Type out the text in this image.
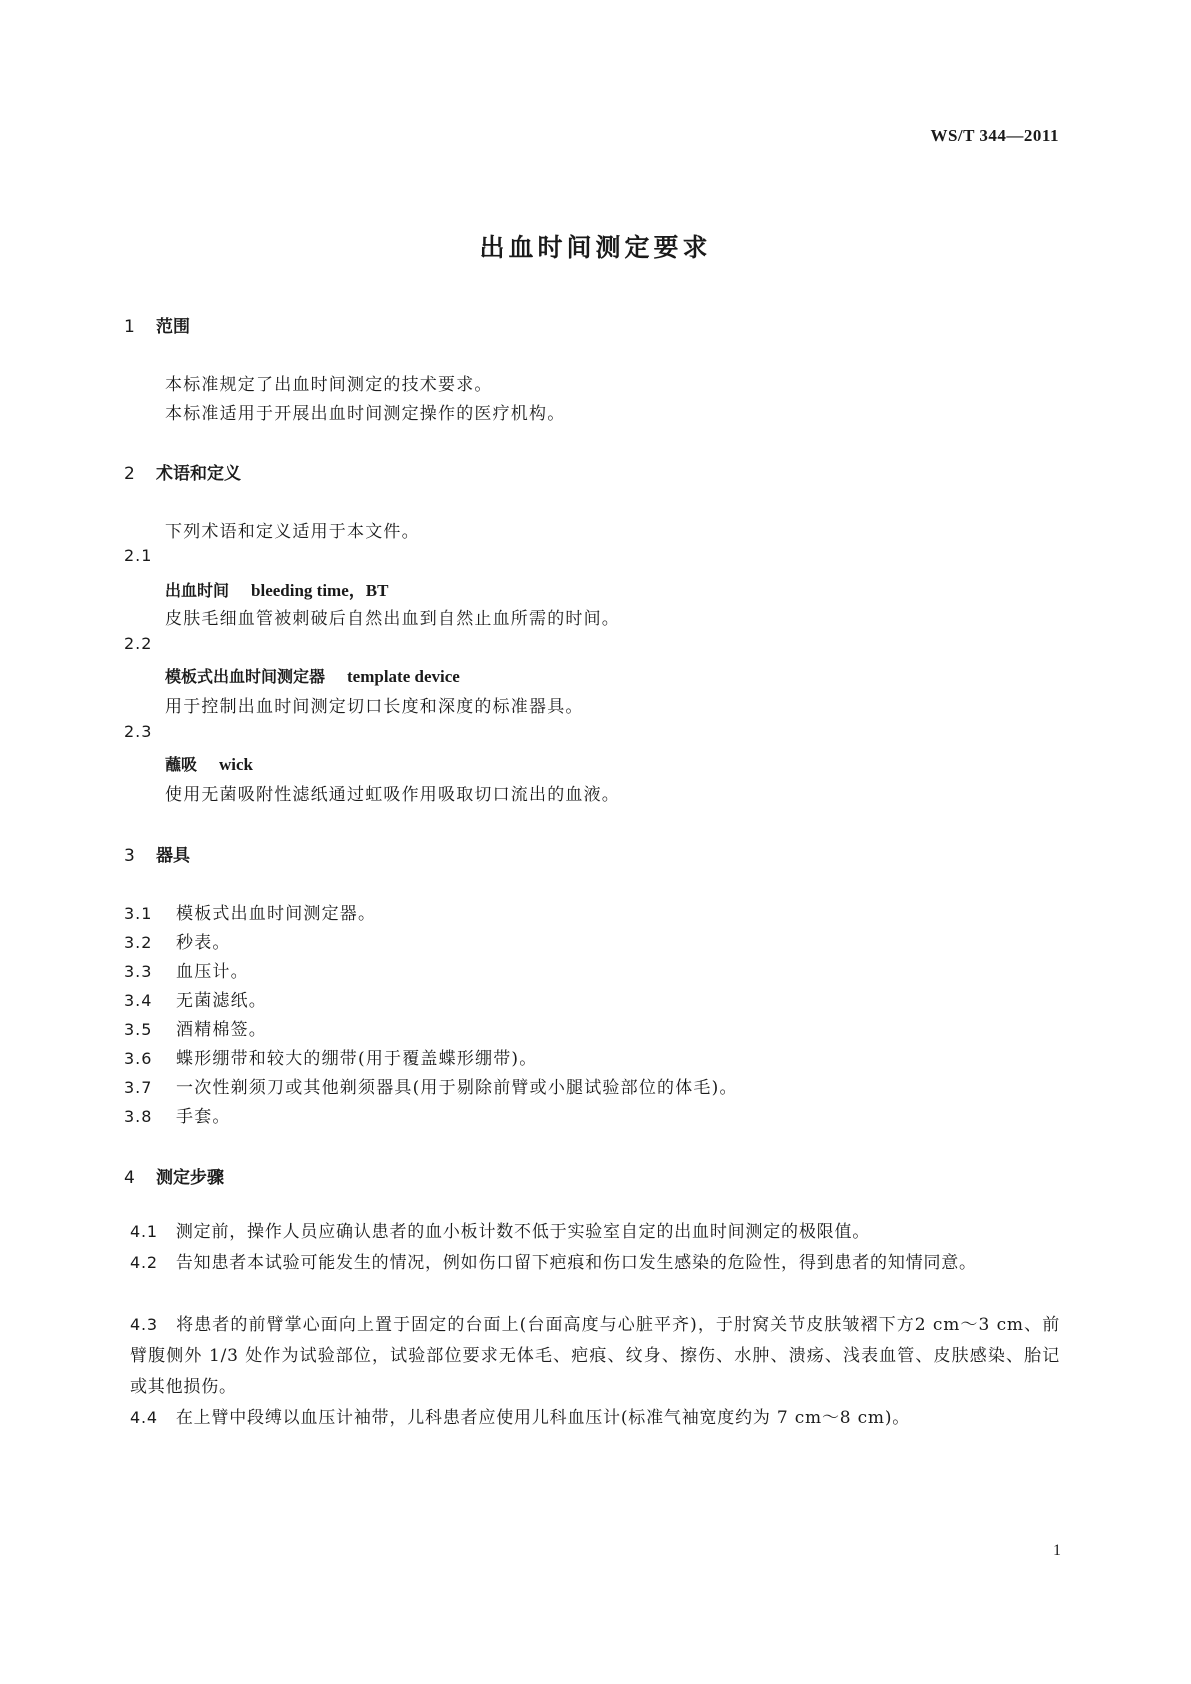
WS/T 344—2011
出血时间测定要求
1 范围
本标准规定了出血时间测定的技术要求。
本标准适用于开展出血时间测定操作的医疗机构。
2 术语和定义
下列术语和定义适用于本文件。
2.1
出血时间 bleeding time，BT
皮肤毛细血管被刺破后自然出血到自然止血所需的时间。
2.2
模板式出血时间测定器 template device
用于控制出血时间测定切口长度和深度的标准器具。
2.3
蘸吸 wick
使用无菌吸附性滤纸通过虹吸作用吸取切口流出的血液。
3 器具
3.1 模板式出血时间测定器。
3.2 秒表。
3.3 血压计。
3.4 无菌滤纸。
3.5 酒精棉签。
3.6 蝶形绷带和较大的绷带(用于覆盖蝶形绷带)。
3.7 一次性剃须刀或其他剃须器具(用于剔除前臂或小腿试验部位的体毛)。
3.8 手套。
4 测定步骤
4.1 测定前，操作人员应确认患者的血小板计数不低于实验室自定的出血时间测定的极限值。
4.2 告知患者本试验可能发生的情况，例如伤口留下疤痕和伤口发生感染的危险性，得到患者的知情同意。
4.3 将患者的前臂掌心面向上置于固定的台面上(台面高度与心脏平齐)，于肘窝关节皮肤皱褶下方2 cm～3 cm、前臂腹侧外 1/3 处作为试验部位，试验部位要求无体毛、疤痕、纹身、擦伤、水肿、溃疡、浅表血管、皮肤感染、胎记或其他损伤。
4.4 在上臂中段缚以血压计袖带，儿科患者应使用儿科血压计(标准气袖宽度约为 7 cm～8 cm)。
1
